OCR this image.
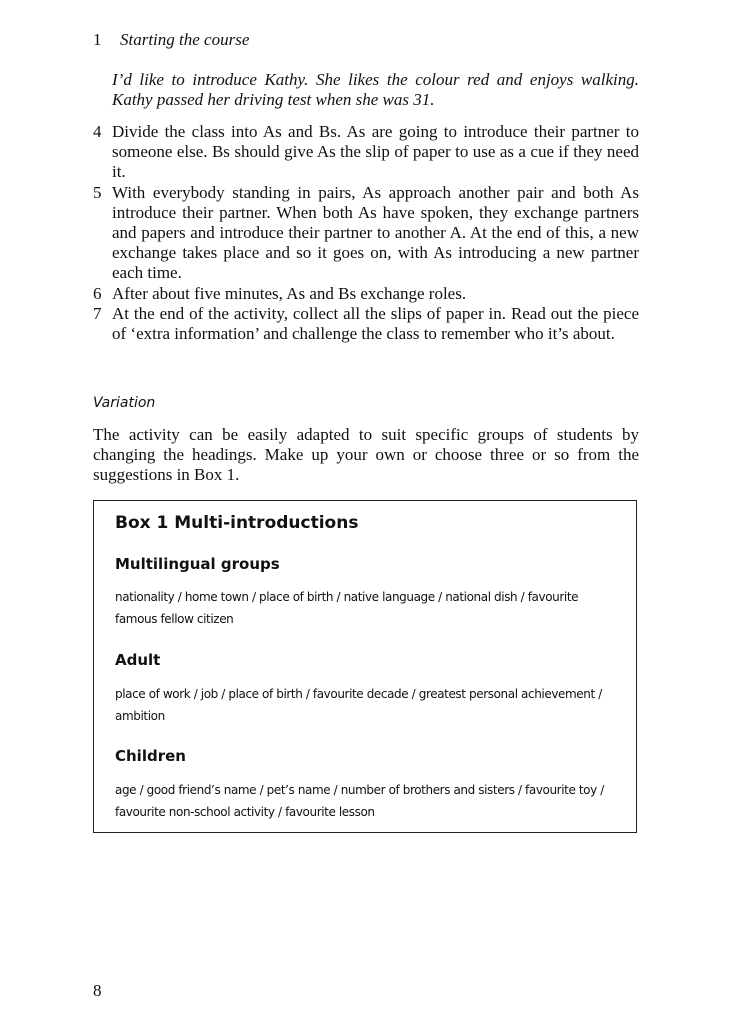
1 Starting the course
I’d like to introduce Kathy. She likes the colour red and enjoys walking. Kathy passed her driving test when she was 31.
4 Divide the class into As and Bs. As are going to introduce their partner to someone else. Bs should give As the slip of paper to use as a cue if they need it.
5 With everybody standing in pairs, As approach another pair and both As introduce their partner. When both As have spoken, they exchange partners and papers and introduce their partner to another A. At the end of this, a new exchange takes place and so it goes on, with As introducing a new partner each time.
6 After about five minutes, As and Bs exchange roles.
7 At the end of the activity, collect all the slips of paper in. Read out the piece of ‘extra information’ and challenge the class to remember who it’s about.
Variation
The activity can be easily adapted to suit specific groups of students by changing the headings. Make up your own or choose three or so from the suggestions in Box 1.
Box 1 Multi-introductions
Multilingual groups
nationality / home town / place of birth / native language / national dish / favourite famous fellow citizen
Adult
place of work / job / place of birth / favourite decade / greatest personal achievement / ambition
Children
age / good friend’s name / pet’s name / number of brothers and sisters / favourite toy / favourite non-school activity / favourite lesson
8
